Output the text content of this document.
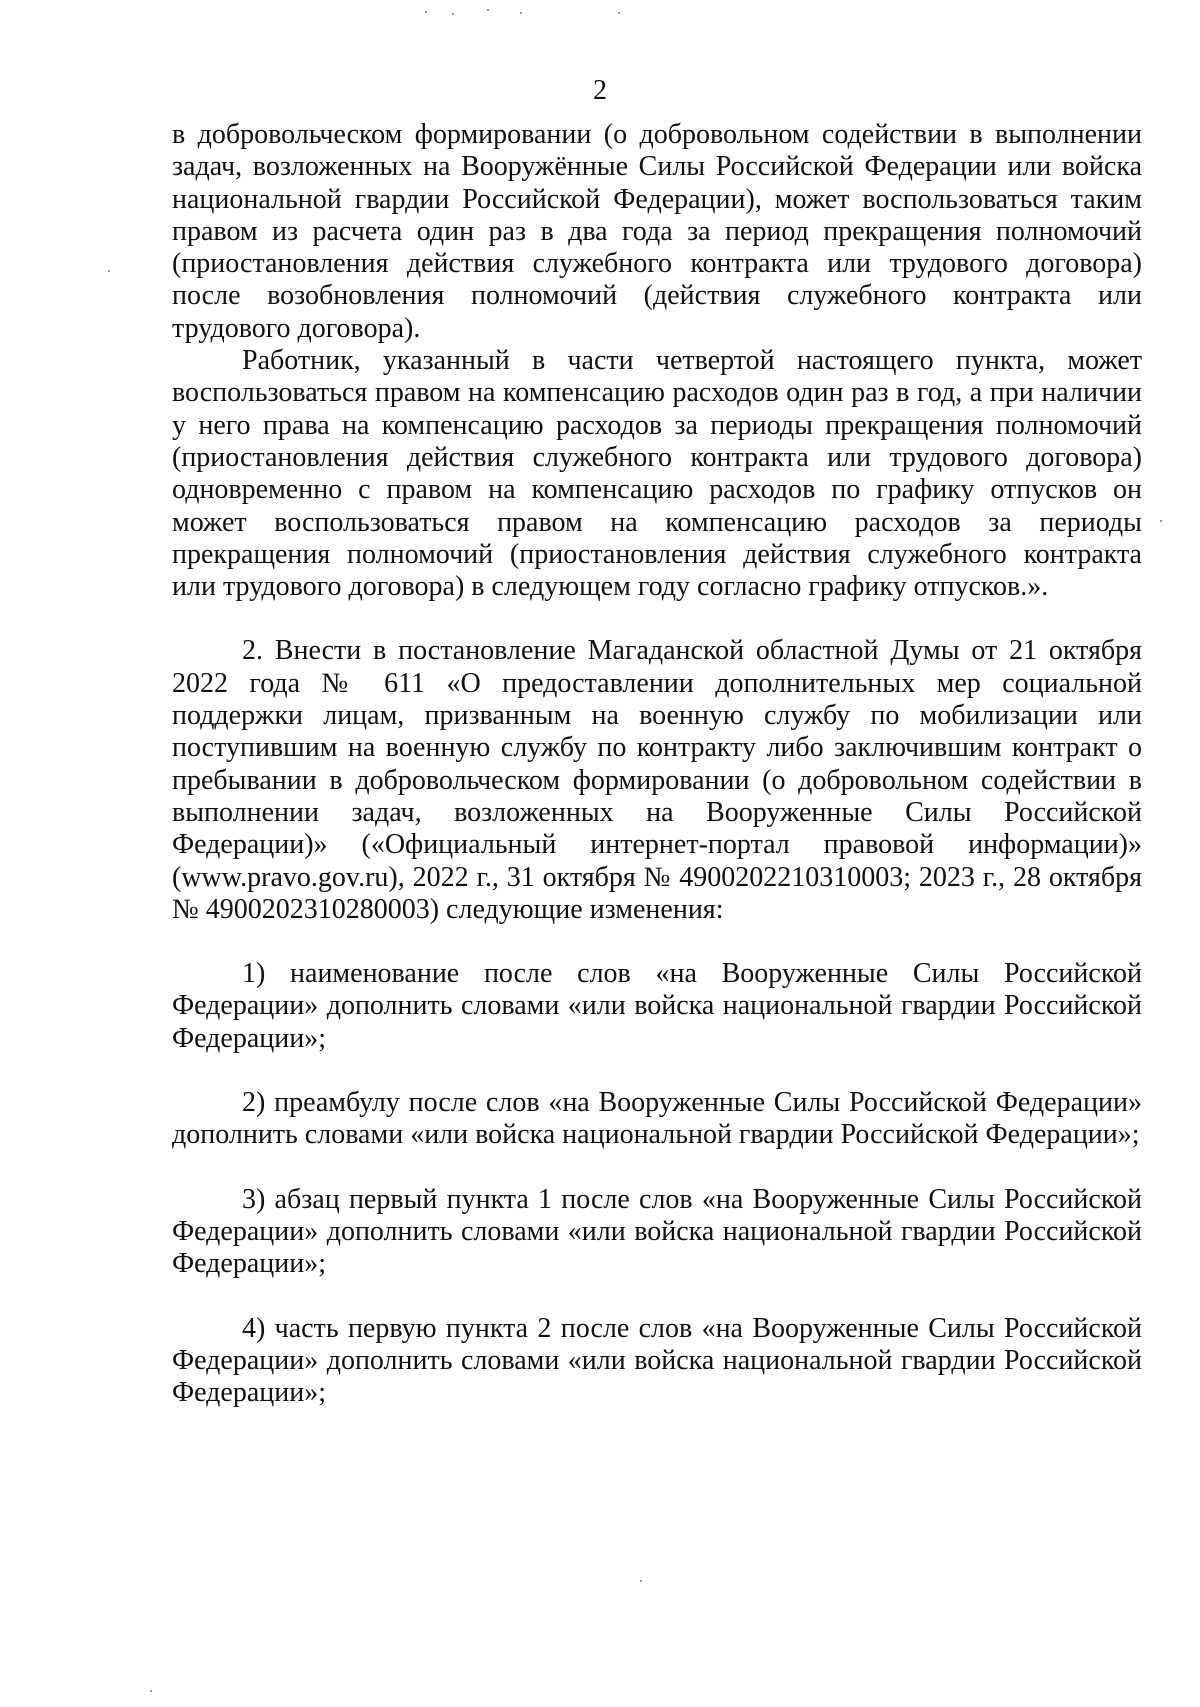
2

в добровольческом формировании (о добровольном содействии в выполнении задач, возложенных на Вооружённые Силы Российской Федерации или войска национальной гвардии Российской Федерации), может воспользоваться таким правом из расчета один раз в два года за период прекращения полномочий (приостановления действия служебного контракта или трудового договора) после возобновления полномочий (действия служебного контракта или трудового договора).

Работник, указанный в части четвертой настоящего пункта, может воспользоваться правом на компенсацию расходов один раз в год, а при наличии у него права на компенсацию расходов за периоды прекращения полномочий (приостановления действия служебного контракта или трудового договора) одновременно с правом на компенсацию расходов по графику отпусков он может воспользоваться правом на компенсацию расходов за периоды прекращения полномочий (приостановления действия служебного контракта или трудового договора) в следующем году согласно графику отпусков.».

2. Внести в постановление Магаданской областной Думы от 21 октября 2022 года № 611 «О предоставлении дополнительных мер социальной поддержки лицам, призванным на военную службу по мобилизации или поступившим на военную службу по контракту либо заключившим контракт о пребывании в добровольческом формировании (о добровольном содействии в выполнении задач, возложенных на Вооруженные Силы Российской Федерации)» («Официальный интернет-портал правовой информации)» (www.pravo.gov.ru), 2022 г., 31 октября № 4900202210310003; 2023 г., 28 октября № 4900202310280003) следующие изменения:

1) наименование после слов «на Вооруженные Силы Российской Федерации» дополнить словами «или войска национальной гвардии Российской Федерации»;

2) преамбулу после слов «на Вооруженные Силы Российской Федерации» дополнить словами «или войска национальной гвардии Российской Федерации»;

3) абзац первый пункта 1 после слов «на Вооруженные Силы Российской Федерации» дополнить словами «или войска национальной гвардии Российской Федерации»;

4) часть первую пункта 2 после слов «на Вооруженные Силы Российской Федерации» дополнить словами «или войска национальной гвардии Российской Федерации»;
